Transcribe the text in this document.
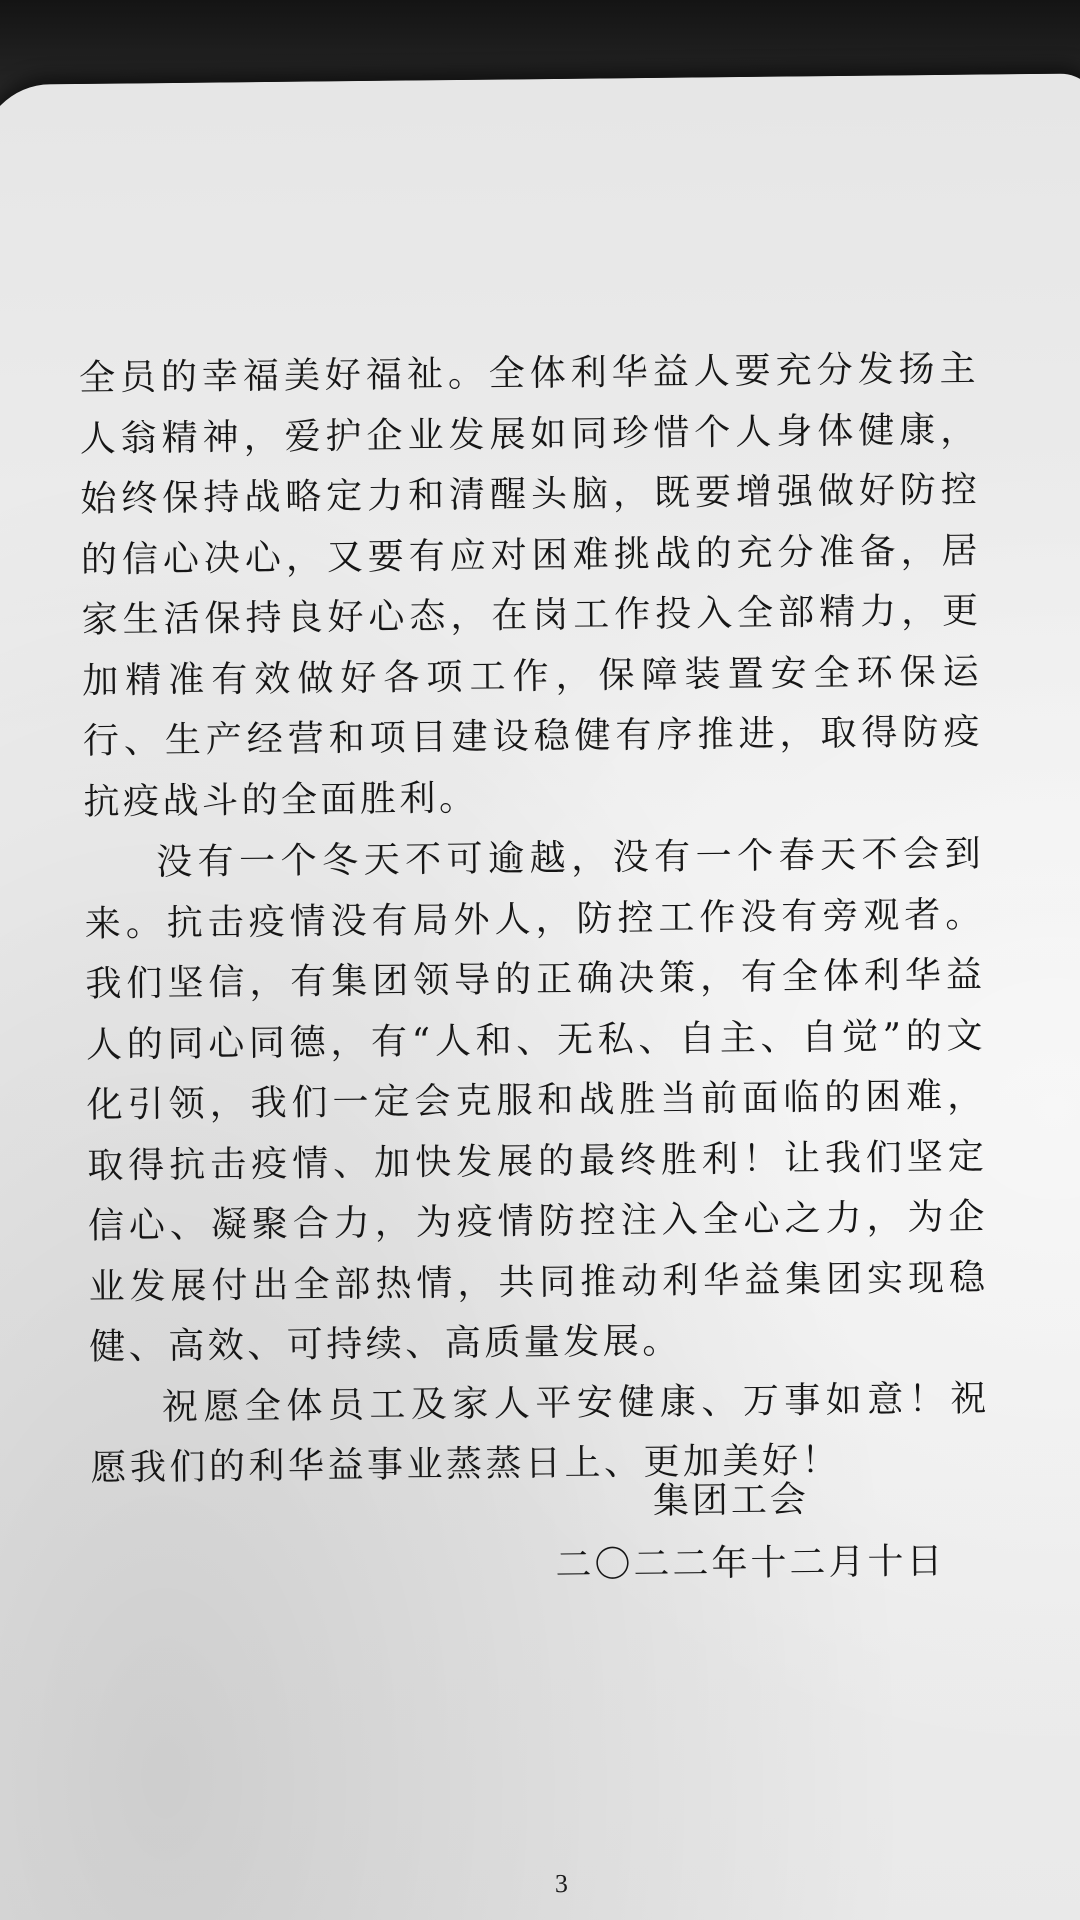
全员的幸福美好福祉。全体利华益人要充分发扬主人翁精神，爱护企业发展如同珍惜个人身体健康，始终保持战略定力和清醒头脑，既要增强做好防控的信心决心，又要有应对困难挑战的充分准备，居家生活保持良好心态，在岗工作投入全部精力，更加精准有效做好各项工作，保障装置安全环保运行、生产经营和项目建设稳健有序推进，取得防疫抗疫战斗的全面胜利。

没有一个冬天不可逾越，没有一个春天不会到来。抗击疫情没有局外人，防控工作没有旁观者。我们坚信，有集团领导的正确决策，有全体利华益人的同心同德，有“人和、无私、自主、自觉”的文化引领，我们一定会克服和战胜当前面临的困难，取得抗击疫情、加快发展的最终胜利！让我们坚定信心、凝聚合力，为疫情防控注入全心之力，为企业发展付出全部热情，共同推动利华益集团实现稳健、高效、可持续、高质量发展。

祝愿全体员工及家人平安健康、万事如意！祝愿我们的利华益事业蒸蒸日上、更加美好！

集团工会
二〇二二年十二月十日
3
